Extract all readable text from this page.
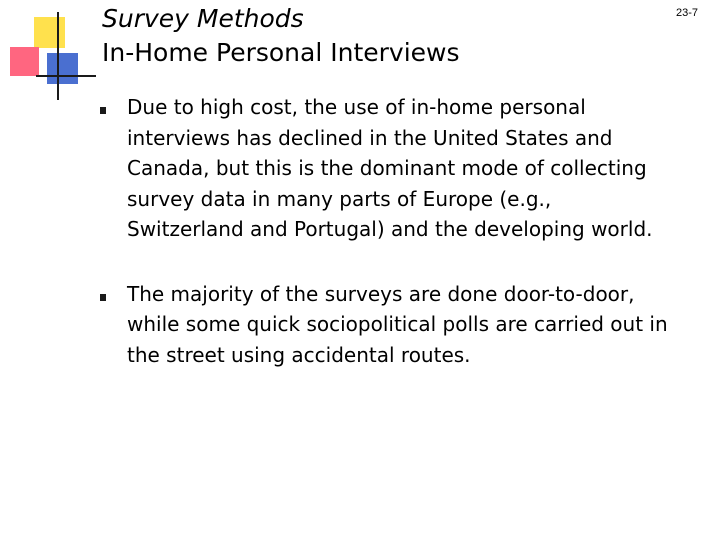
Survey Methods
In-Home Personal Interviews
23-7
Due to high cost, the use of in-home personal
interviews has declined in the United States and
Canada, but this is the dominant mode of collecting
survey data in many parts of Europe (e.g.,
Switzerland and Portugal) and the developing world.
The majority of the surveys are done door-to-door,
while some quick sociopolitical polls are carried out in
the street using accidental routes.
